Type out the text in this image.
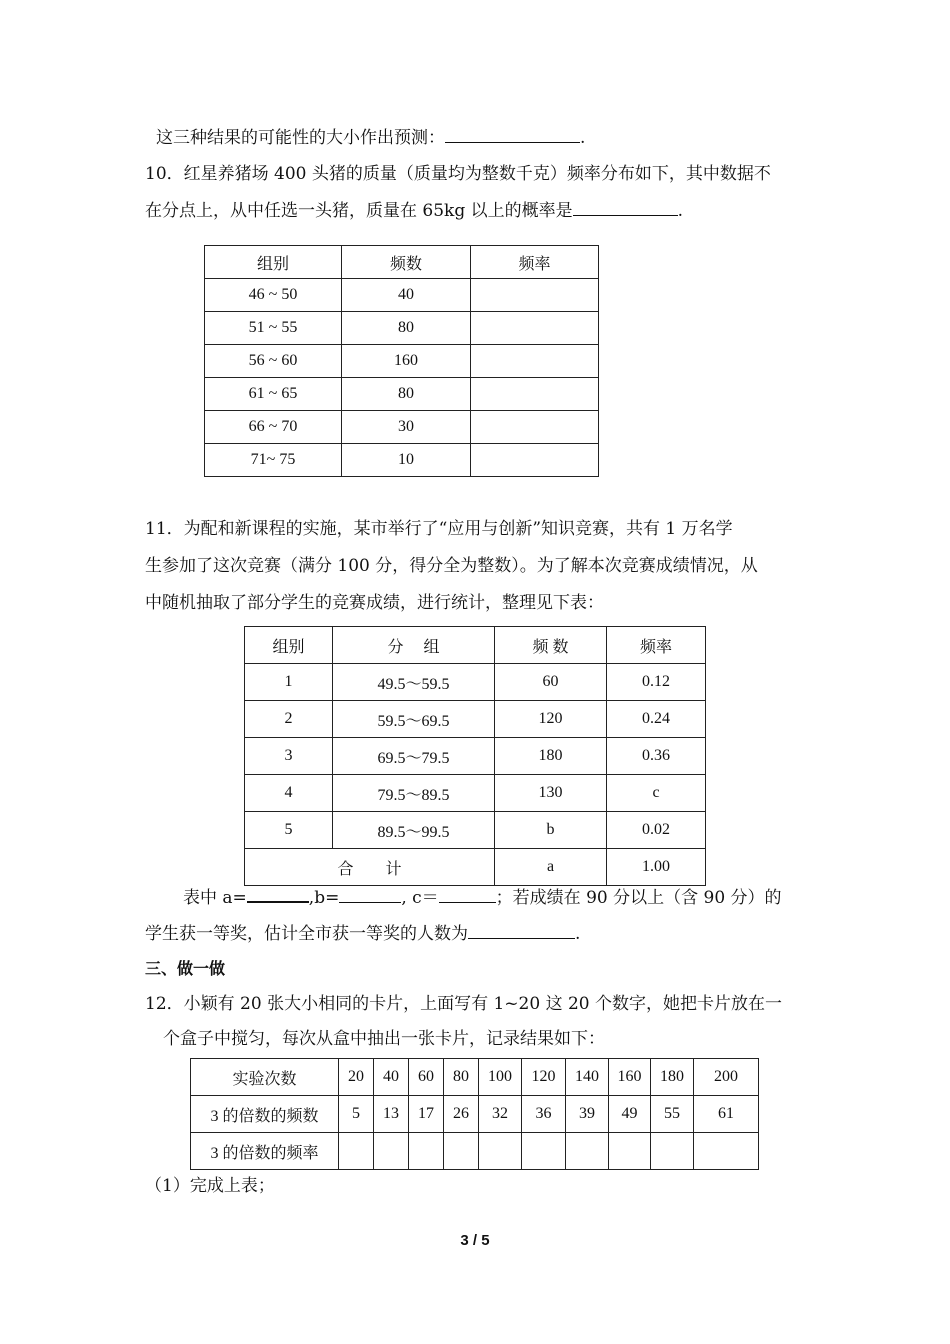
这三种结果的可能性的大小作出预测：	.
10．红星养猪场 400 头猪的质量（质量均为整数千克）频率分布如下，其中数据不
在分点上，从中任选一头猪，质量在 65kg 以上的概率是	.
组别	频数	频率
46 ~ 50	40	
51 ~ 55	80	
56 ~ 60	160	
61 ~ 65	80	
66 ~ 70	30	
71~ 75	10	
11．为配和新课程的实施，某市举行了“应用与创新”知识竞赛，共有 1 万名学
生参加了这次竞赛（满分 100 分，得分全为整数）。为了解本次竞赛成绩情况，从
中随机抽取了部分学生的竞赛成绩，进行统计，整理见下表：
组别	分　 组	频 数	频率
1	49.5～59.5	60	0.12
2	59.5～69.5	120	0.24
3	69.5～79.5	180	0.36
4	79.5～89.5	130	c
5	89.5～99.5	b	0.02
合　　计		a	1.00
表中 a=	,b=	, c＝	；若成绩在 90 分以上（含 90 分）的
学生获一等奖，估计全市获一等奖的人数为	.
三、做一做
12．小颖有 20 张大小相同的卡片，上面写有 1~20 这 20 个数字，她把卡片放在一
个盒子中搅匀，每次从盒中抽出一张卡片，记录结果如下：
实验次数	20	40	60	80	100	120	140	160	180	200
3 的倍数的频数	5	13	17	26	32	36	39	49	55	61
3 的倍数的频率										
（1）完成上表；
3 / 5
